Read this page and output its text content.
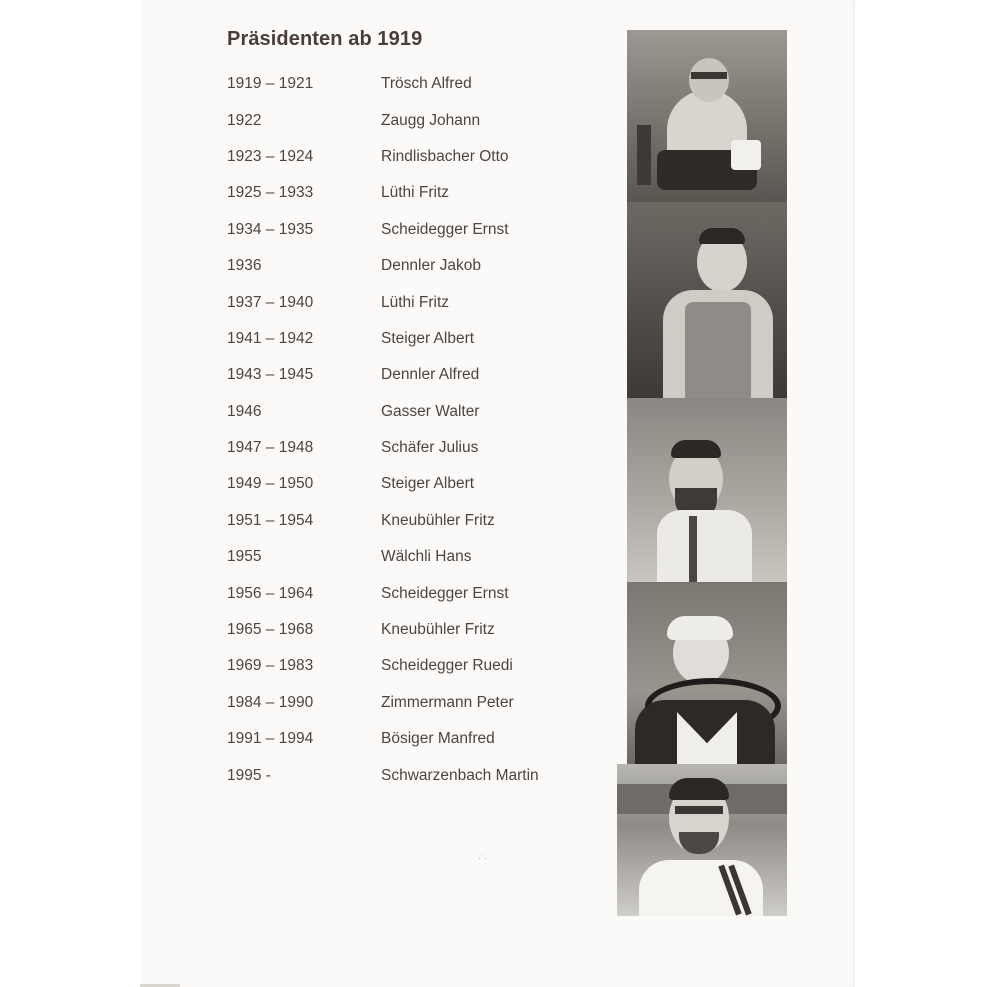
Präsidenten ab 1919
1919 – 1921	Trösch Alfred
1922	Zaugg Johann
1923 – 1924	Rindlisbacher Otto
1925 – 1933	Lüthi Fritz
1934 – 1935	Scheidegger Ernst
1936	Dennler Jakob
1937 – 1940	Lüthi Fritz
1941 – 1942	Steiger Albert
1943 – 1945	Dennler Alfred
1946	Gasser Walter
1947 – 1948	Schäfer Julius
1949 – 1950	Steiger Albert
1951 – 1954	Kneubühler Fritz
1955	Wälchli Hans
1956 – 1964	Scheidegger Ernst
1965 – 1968	Kneubühler Fritz
1969 – 1983	Scheidegger Ruedi
1984 – 1990	Zimmermann Peter
1991 – 1994	Bösiger Manfred
1995 -	Schwarzenbach Martin
·˙·
